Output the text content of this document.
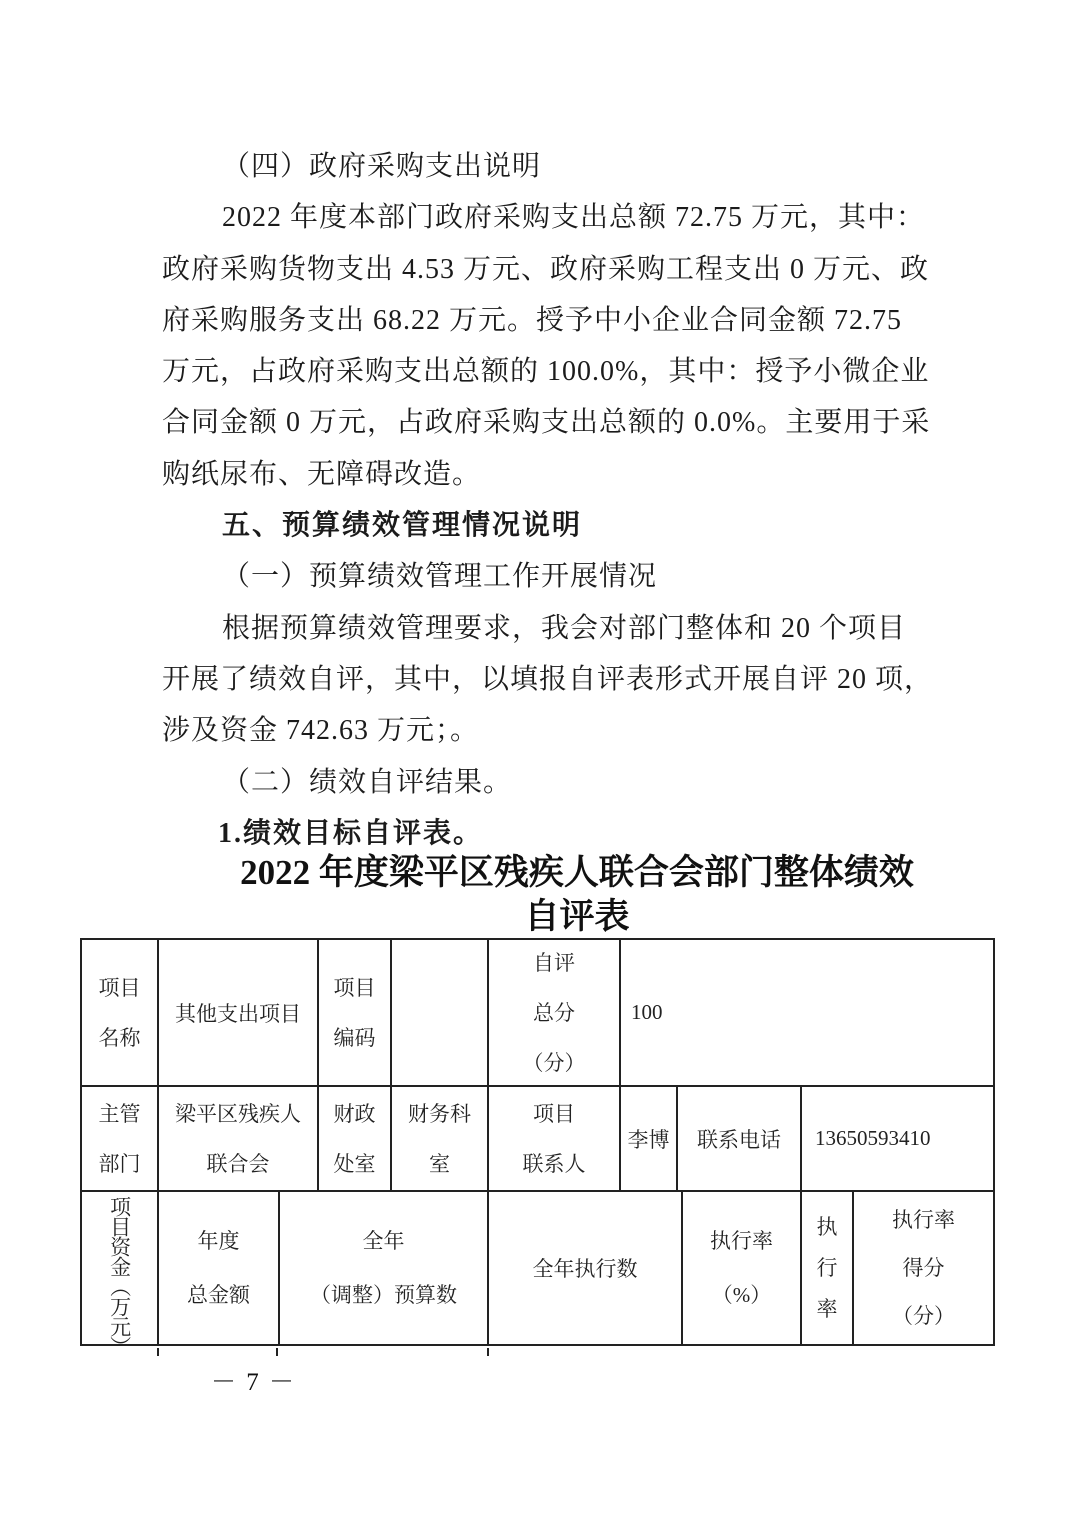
（四）政府采购支出说明
2022 年度本部门政府采购支出总额 72.75 万元，其中：
政府采购货物支出 4.53 万元、政府采购工程支出 0 万元、政
府采购服务支出 68.22 万元。授予中小企业合同金额 72.75
万元，占政府采购支出总额的 100.0%，其中：授予小微企业
合同金额 0 万元，占政府采购支出总额的 0.0%。主要用于采
购纸尿布、无障碍改造。
五、预算绩效管理情况说明
（一）预算绩效管理工作开展情况
根据预算绩效管理要求，我会对部门整体和 20 个项目
开展了绩效自评，其中，以填报自评表形式开展自评 20 项，
涉及资金 742.63 万元；。
（二）绩效自评结果。
1.绩效目标自评表。
2022 年度梁平区残疾人联合会部门整体绩效
自评表
项目
名称
其他支出项目
项目
编码
自评
总分
（分）
100
主管
部门
梁平区残疾人
联合会
财政
处室
财务科
室
项目
联系人
李博 联系电话 13650593410
项目资金（万元）	年度
总金额
全年
（调整）预算数
全年执行数
执行率
（%）
执
行
率
执行率
得分
（分）
－ 7 －
